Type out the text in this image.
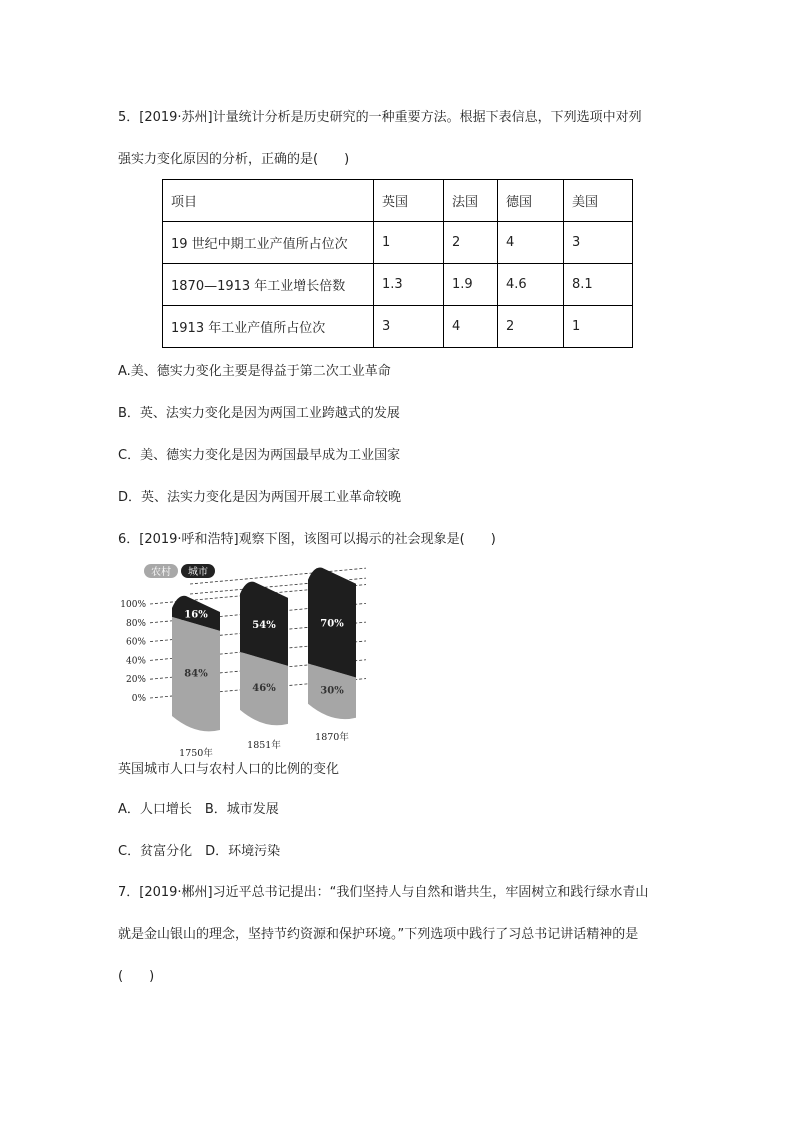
5．[2019·苏州]计量统计分析是历史研究的一种重要方法。根据下表信息，下列选项中对列
强实力变化原因的分析，正确的是(　　)
项目	英国	法国	德国	美国
19 世纪中期工业产值所占位次	1	2	4	3
1870—1913 年工业增长倍数	1.3	1.9	4.6	8.1
1913 年工业产值所占位次	3	4	2	1
A.美、德实力变化主要是得益于第二次工业革命
B．英、法实力变化是因为两国工业跨越式的发展
C．美、德实力变化是因为两国最早成为工业国家
D．英、法实力变化是因为两国开展工业革命较晚
6．[2019·呼和浩特]观察下图，该图可以揭示的社会现象是(　　)
0%
20%
40%
60%
80%
100%
84%
16%
46%
54%
30%
70%
1750年
1851年
1870年
农村 城市
英国城市人口与农村人口的比例的变化
A．人口增长　B．城市发展
C．贫富分化　D．环境污染
7．[2019·郴州]习近平总书记提出：“我们坚持人与自然和谐共生，牢固树立和践行绿水青山
就是金山银山的理念，坚持节约资源和保护环境。”下列选项中践行了习总书记讲话精神的是
(　　)
